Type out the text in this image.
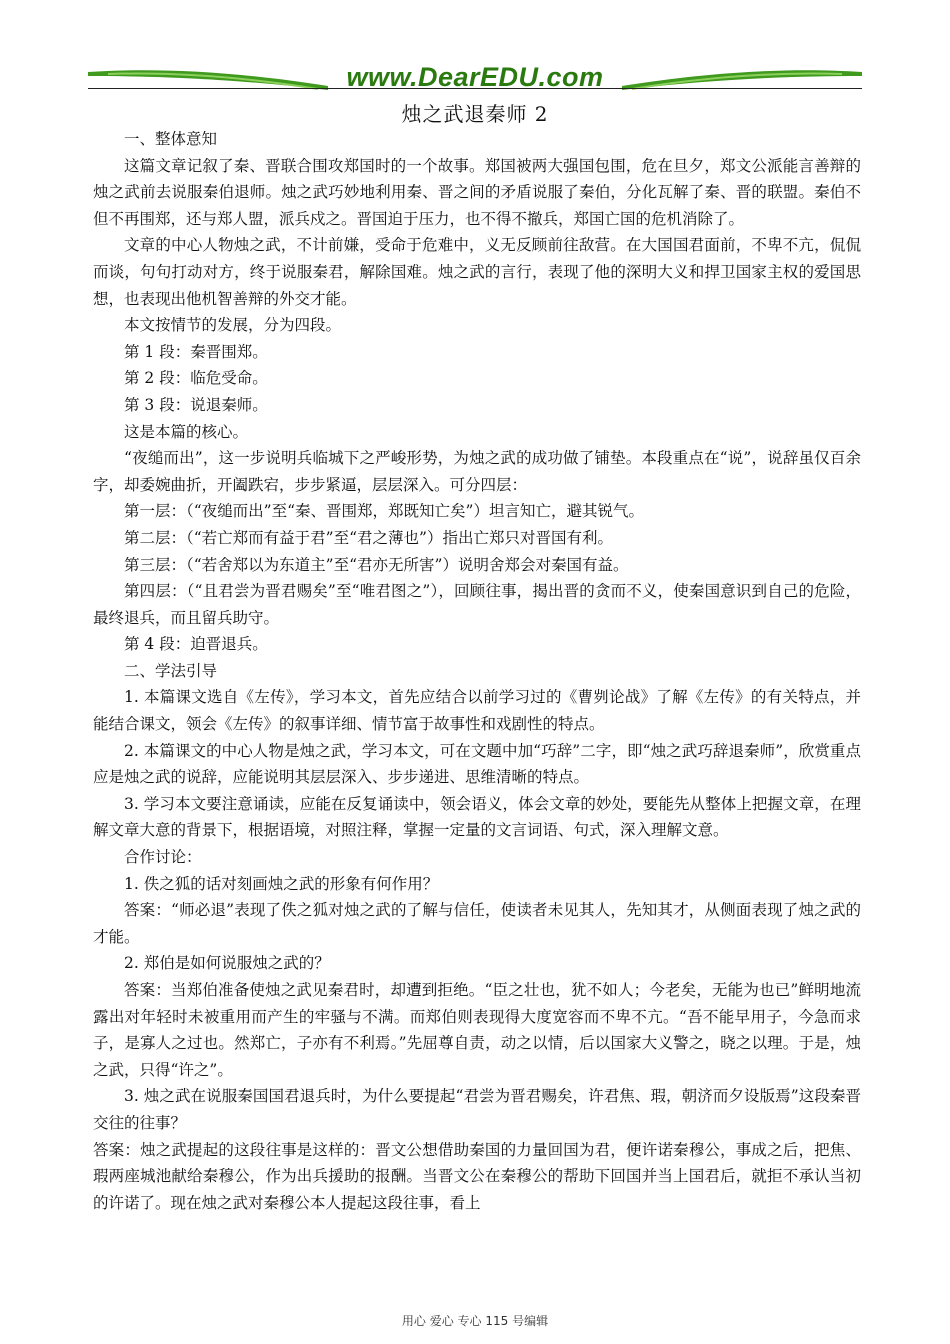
www.DearEDU.com
烛之武退秦师 2

一、整体意知

这篇文章记叙了秦、晋联合围攻郑国时的一个故事。郑国被两大强国包围，危在旦夕，郑文公派能言善辩的烛之武前去说服秦伯退师。烛之武巧妙地利用秦、晋之间的矛盾说服了秦伯，分化瓦解了秦、晋的联盟。秦伯不但不再围郑，还与郑人盟，派兵戍之。晋国迫于压力，也不得不撤兵，郑国亡国的危机消除了。

文章的中心人物烛之武，不计前嫌，受命于危难中，义无反顾前往敌营。在大国国君面前，不卑不亢，侃侃而谈，句句打动对方，终于说服秦君，解除国难。烛之武的言行，表现了他的深明大义和捍卫国家主权的爱国思想，也表现出他机智善辩的外交才能。

本文按情节的发展，分为四段。

第 1 段：秦晋围郑。

第 2 段：临危受命。

第 3 段：说退秦师。

这是本篇的核心。

“夜缒而出”，这一步说明兵临城下之严峻形势，为烛之武的成功做了铺垫。本段重点在“说”，说辞虽仅百余字，却委婉曲折，开阖跌宕，步步紧逼，层层深入。可分四层：

第一层：（“夜缒而出”至“秦、晋围郑，郑既知亡矣”）坦言知亡，避其锐气。

第二层：（“若亡郑而有益于君”至“君之薄也”）指出亡郑只对晋国有利。

第三层：（“若舍郑以为东道主”至“君亦无所害”）说明舍郑会对秦国有益。

第四层：（“且君尝为晋君赐矣”至“唯君图之”），回顾往事，揭出晋的贪而不义，使秦国意识到自己的危险，最终退兵，而且留兵助守。

第 4 段：迫晋退兵。

二、学法引导

1. 本篇课文选自《左传》，学习本文，首先应结合以前学习过的《曹刿论战》了解《左传》的有关特点，并能结合课文，领会《左传》的叙事详细、情节富于故事性和戏剧性的特点。

2. 本篇课文的中心人物是烛之武，学习本文，可在文题中加“巧辞”二字，即“烛之武巧辞退秦师”，欣赏重点应是烛之武的说辞，应能说明其层层深入、步步递进、思维清晰的特点。

3. 学习本文要注意诵读，应能在反复诵读中，领会语义，体会文章的妙处，要能先从整体上把握文章，在理解文章大意的背景下，根据语境，对照注释，掌握一定量的文言词语、句式，深入理解文意。

合作讨论：

1. 佚之狐的话对刻画烛之武的形象有何作用？

答案：“师必退”表现了佚之狐对烛之武的了解与信任，使读者未见其人，先知其才，从侧面表现了烛之武的才能。

2. 郑伯是如何说服烛之武的？

答案：当郑伯准备使烛之武见秦君时，却遭到拒绝。“臣之壮也，犹不如人；今老矣，无能为也已”鲜明地流露出对年轻时未被重用而产生的牢骚与不满。而郑伯则表现得大度宽容而不卑不亢。“吾不能早用子，今急而求子，是寡人之过也。然郑亡，子亦有不利焉。”先屈尊自责，动之以情，后以国家大义警之，晓之以理。于是，烛之武，只得“许之”。

3. 烛之武在说服秦国国君退兵时，为什么要提起“君尝为晋君赐矣，许君焦、瑕，朝济而夕设版焉”这段秦晋交往的往事？

答案：烛之武提起的这段往事是这样的：晋文公想借助秦国的力量回国为君，便许诺秦穆公，事成之后，把焦、瑕两座城池献给秦穆公，作为出兵援助的报酬。当晋文公在秦穆公的帮助下回国并当上国君后，就拒不承认当初的许诺了。现在烛之武对秦穆公本人提起这段往事，看上

用心 爱心 专心 115 号编辑
